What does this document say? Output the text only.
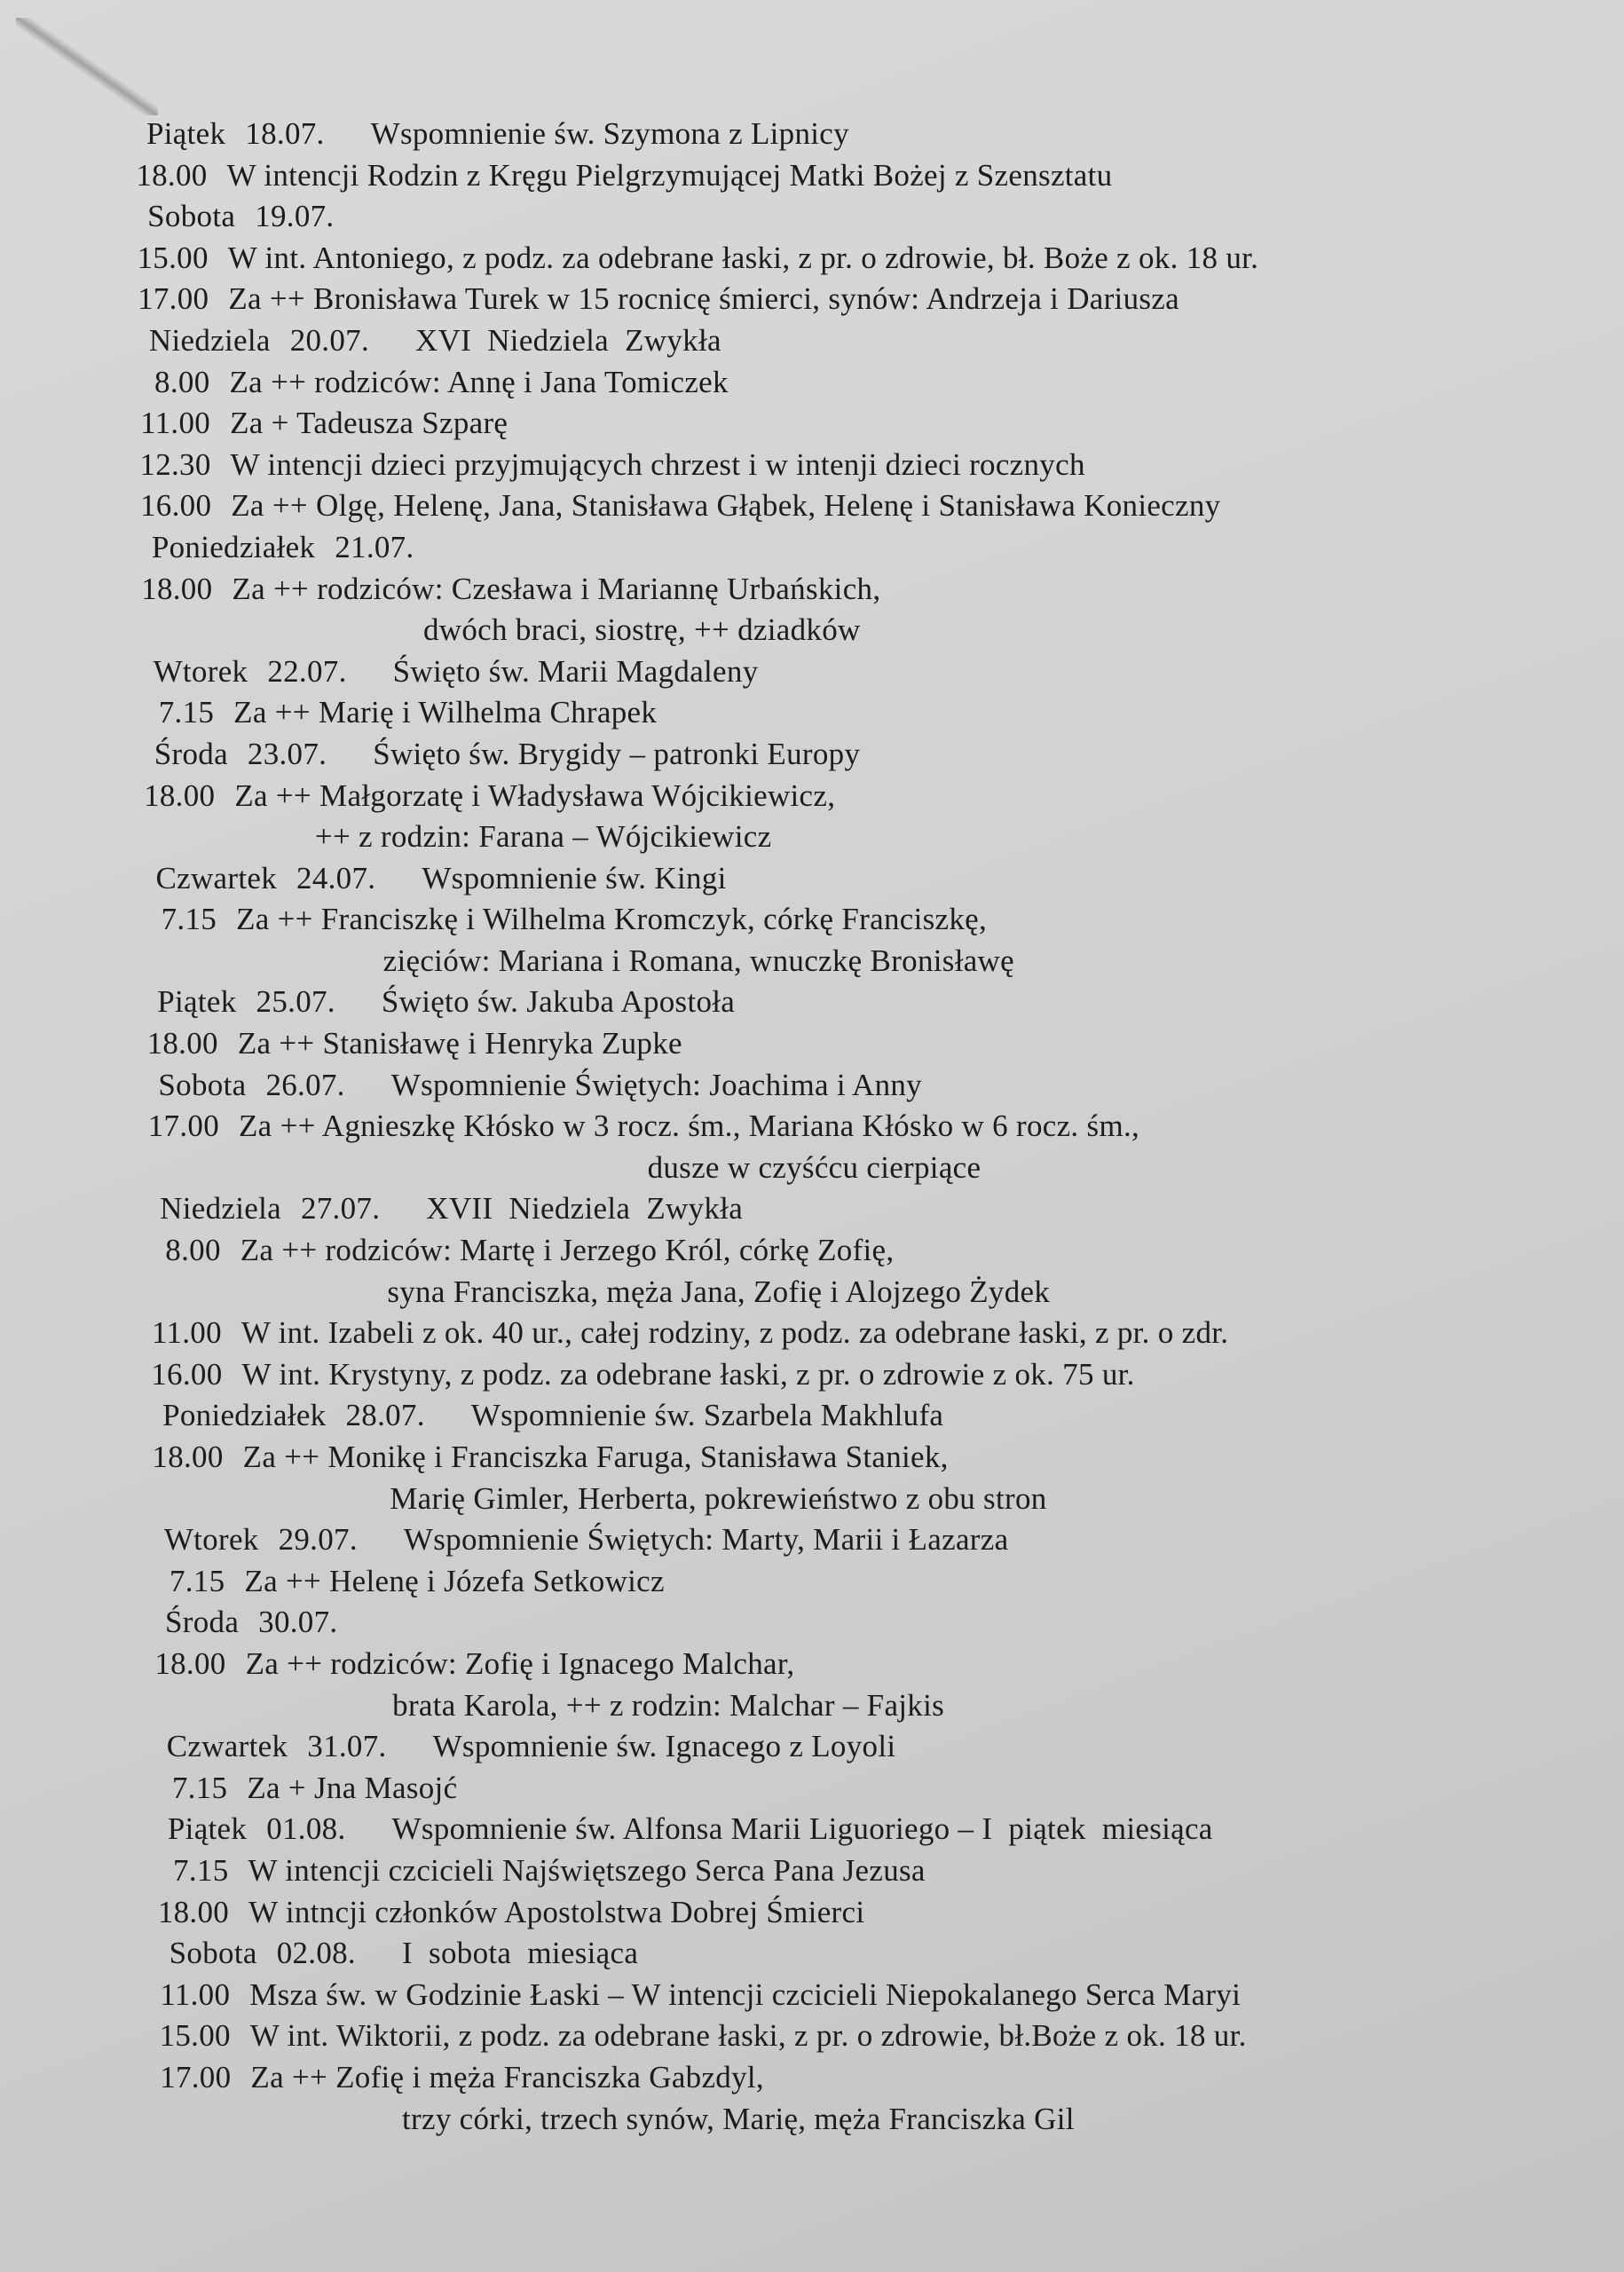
Piątek 18.07. Wspomnienie św. Szymona z Lipnicy
18.00 W intencji Rodzin z Kręgu Pielgrzymującej Matki Bożej z Szensztatu
Sobota 19.07.
15.00 W int. Antoniego, z podz. za odebrane łaski, z pr. o zdrowie, bł. Boże z ok. 18 ur.
17.00 Za ++ Bronisława Turek w 15 rocnicę śmierci, synów: Andrzeja i Dariusza
Niedziela 20.07. XVI  Niedziela  Zwykła
8.00 Za ++ rodziców: Annę i Jana Tomiczek
11.00 Za + Tadeusza Szparę
12.30 W intencji dzieci przyjmujących chrzest i w intenji dzieci rocznych
16.00 Za ++ Olgę, Helenę, Jana, Stanisława Głąbek, Helenę i Stanisława Konieczny
Poniedziałek 21.07.
18.00 Za ++ rodziców: Czesława i Mariannę Urbańskich,
dwóch braci, siostrę, ++ dziadków
Wtorek 22.07. Święto św. Marii Magdaleny
7.15 Za ++ Marię i Wilhelma Chrapek
Środa 23.07. Święto św. Brygidy – patronki Europy
18.00 Za ++ Małgorzatę i Władysława Wójcikiewicz,
++ z rodzin: Farana – Wójcikiewicz
Czwartek 24.07. Wspomnienie św. Kingi
7.15 Za ++ Franciszkę i Wilhelma Kromczyk, córkę Franciszkę,
zięciów: Mariana i Romana, wnuczkę Bronisławę
Piątek 25.07. Święto św. Jakuba Apostoła
18.00 Za ++ Stanisławę i Henryka Zupke
Sobota 26.07. Wspomnienie Świętych: Joachima i Anny
17.00 Za ++ Agnieszkę Kłósko w 3 rocz. śm., Mariana Kłósko w 6 rocz. śm.,
dusze w czyśćcu cierpiące
Niedziela 27.07. XVII  Niedziela  Zwykła
8.00 Za ++ rodziców: Martę i Jerzego Król, córkę Zofię,
syna Franciszka, męża Jana, Zofię i Alojzego Żydek
11.00 W int. Izabeli z ok. 40 ur., całej rodziny, z podz. za odebrane łaski, z pr. o zdr.
16.00 W int. Krystyny, z podz. za odebrane łaski, z pr. o zdrowie z ok. 75 ur.
Poniedziałek 28.07. Wspomnienie św. Szarbela Makhlufa
18.00 Za ++ Monikę i Franciszka Faruga, Stanisława Staniek,
Marię Gimler, Herberta, pokrewieństwo z obu stron
Wtorek 29.07. Wspomnienie Świętych: Marty, Marii i Łazarza
7.15 Za ++ Helenę i Józefa Setkowicz
Środa 30.07.
18.00 Za ++ rodziców: Zofię i Ignacego Malchar,
brata Karola, ++ z rodzin: Malchar – Fajkis
Czwartek 31.07. Wspomnienie św. Ignacego z Loyoli
7.15 Za + Jna Masojć
Piątek 01.08. Wspomnienie św. Alfonsa Marii Liguoriego – I  piątek  miesiąca
7.15 W intencji czcicieli Najświętszego Serca Pana Jezusa
18.00 W intncji członków Apostolstwa Dobrej Śmierci
Sobota 02.08. I  sobota  miesiąca
11.00 Msza św. w Godzinie Łaski – W intencji czcicieli Niepokalanego Serca Maryi
15.00 W int. Wiktorii, z podz. za odebrane łaski, z pr. o zdrowie, bł.Boże z ok. 18 ur.
17.00 Za ++ Zofię i męża Franciszka Gabzdyl,
trzy córki, trzech synów, Marię, męża Franciszka Gil
